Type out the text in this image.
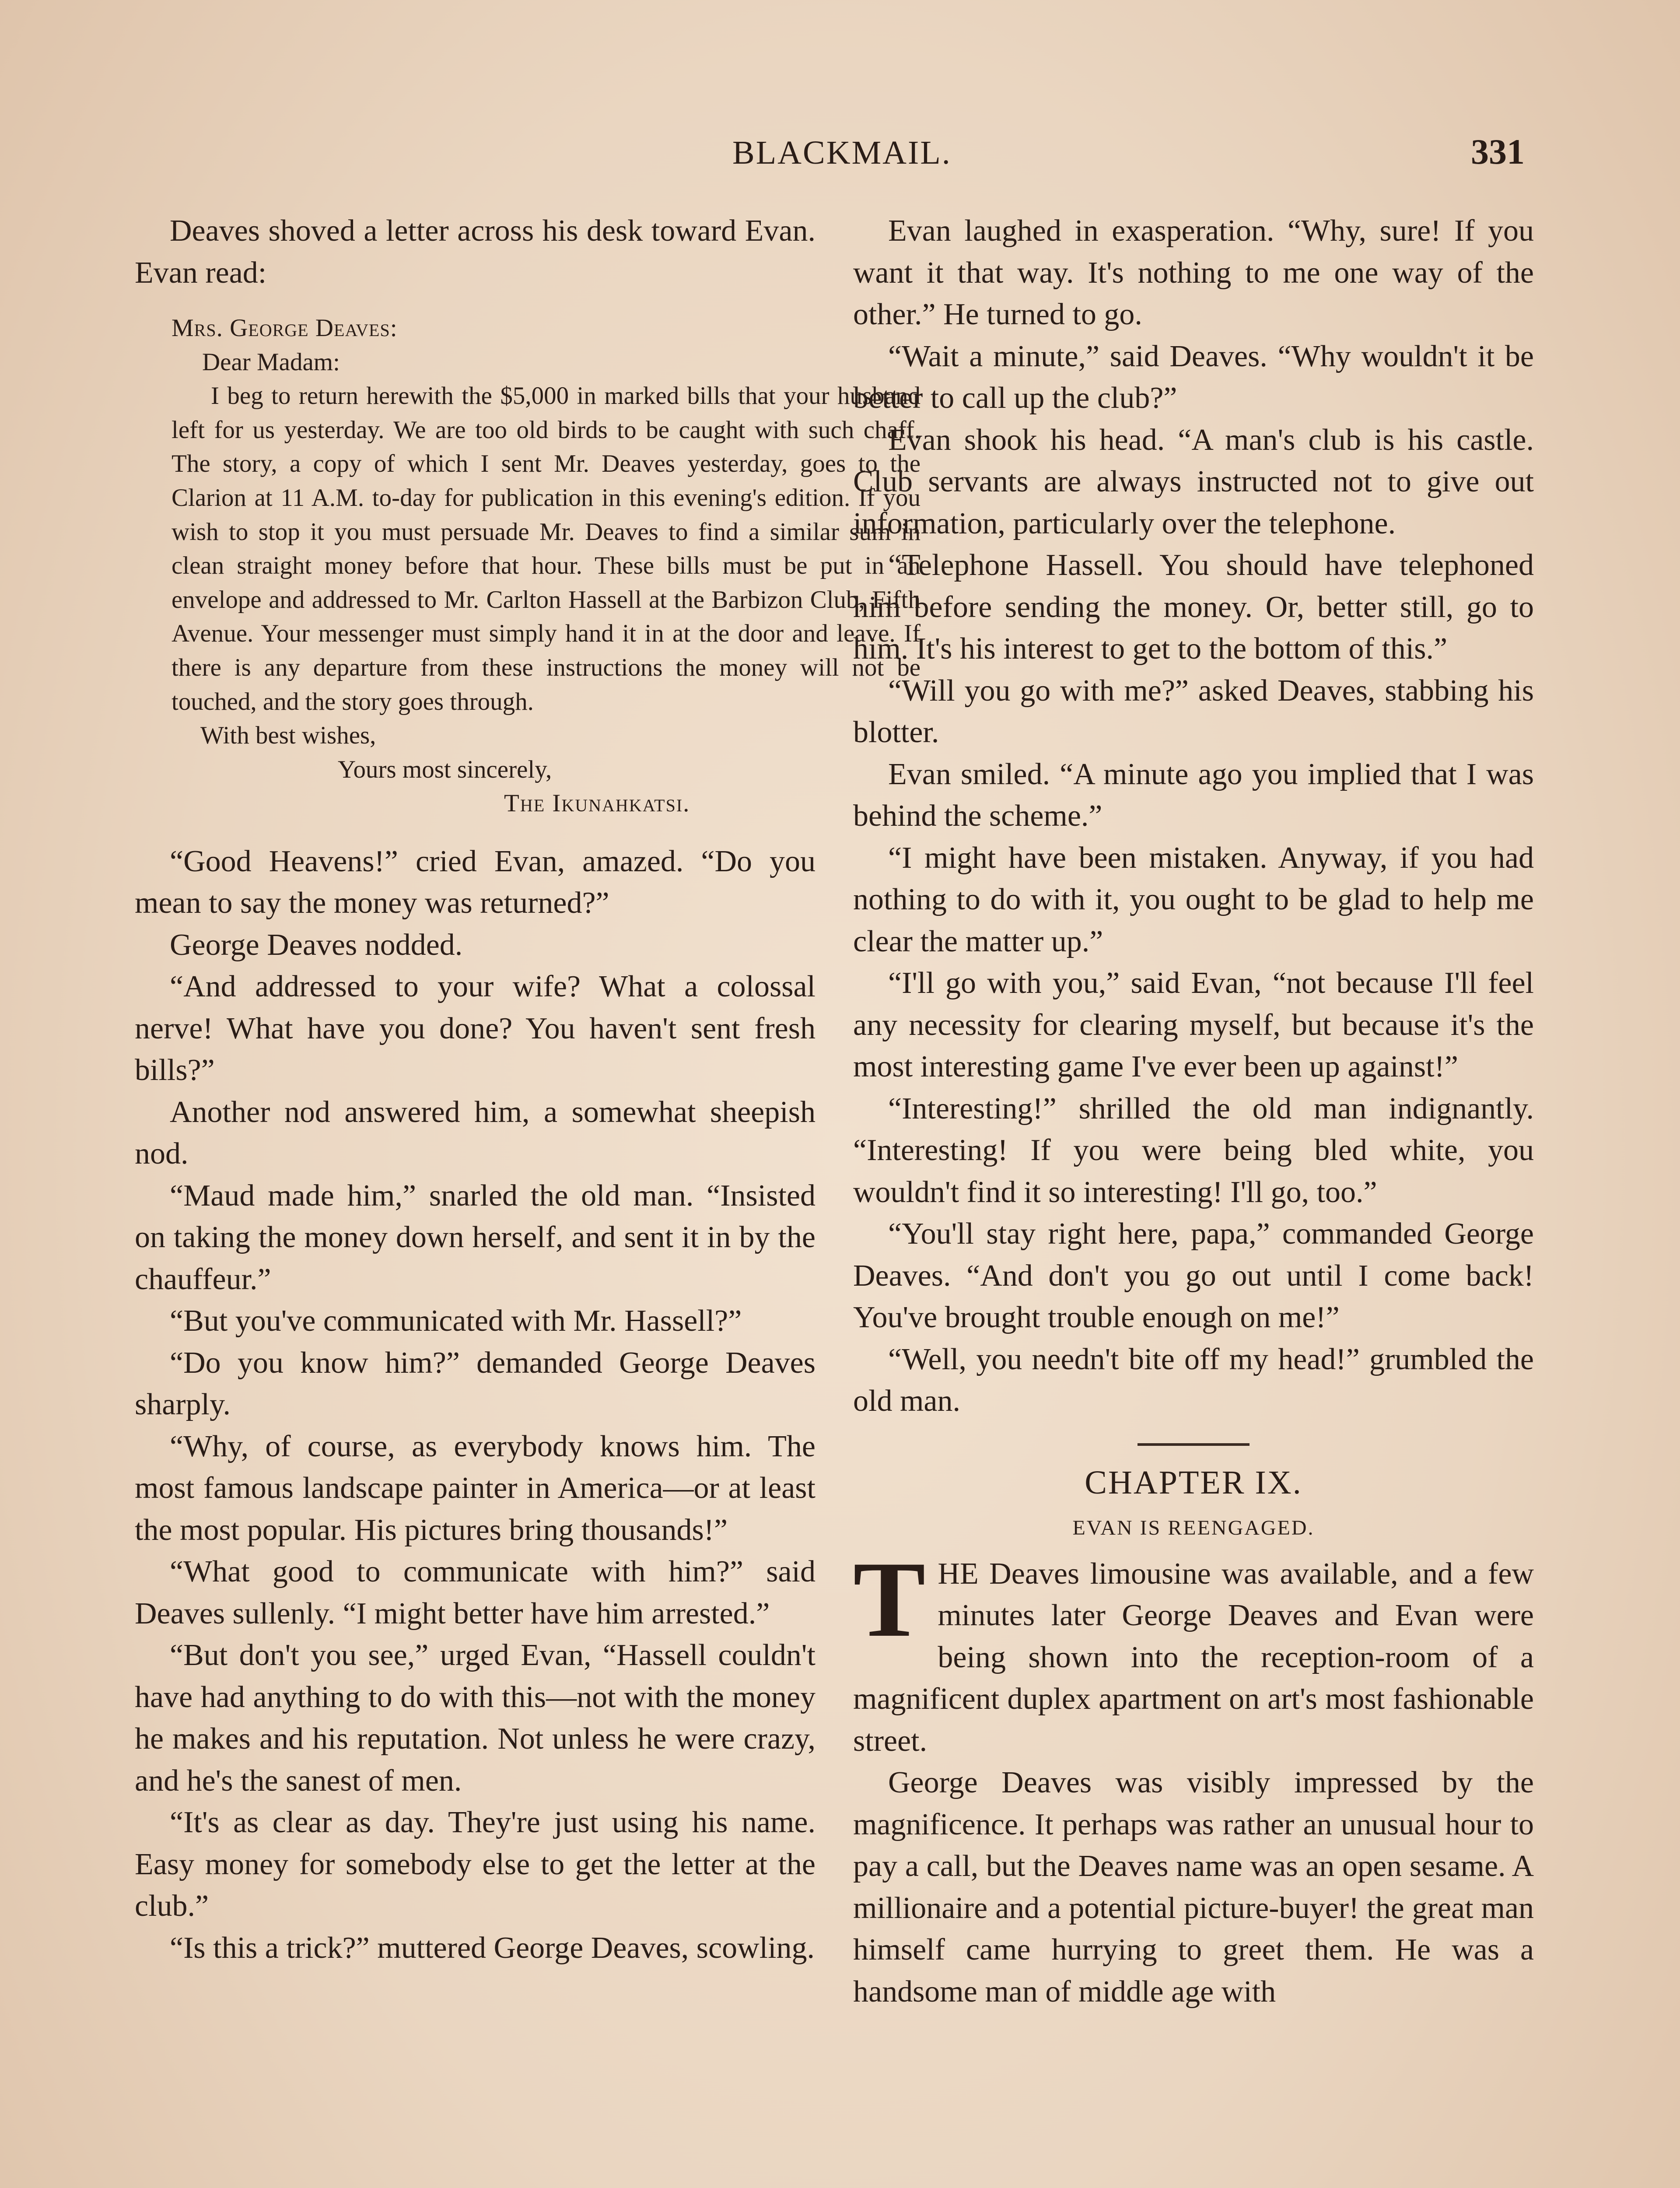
BLACKMAIL.	331

Deaves shoved a letter across his desk toward Evan. Evan read:

Mrs. George Deaves:
Dear Madam:
I beg to return herewith the $5,000 in marked bills that your husband left for us yesterday. We are too old birds to be caught with such chaff. The story, a copy of which I sent Mr. Deaves yesterday, goes to the Clarion at 11 A.M. to-day for publication in this evening's edition. If you wish to stop it you must persuade Mr. Deaves to find a similar sum in clean straight money before that hour. These bills must be put in an envelope and addressed to Mr. Carlton Hassell at the Barbizon Club, Fifth Avenue. Your messenger must simply hand it in at the door and leave. If there is any departure from these instructions the money will not be touched, and the story goes through.
With best wishes,
Yours most sincerely,
The Ikunahkatsi.

“Good Heavens!” cried Evan, amazed. “Do you mean to say the money was returned?”

George Deaves nodded.

“And addressed to your wife? What a colossal nerve! What have you done? You haven't sent fresh bills?”

Another nod answered him, a somewhat sheepish nod.

“Maud made him,” snarled the old man. “Insisted on taking the money down herself, and sent it in by the chauffeur.”

“But you've communicated with Mr. Hassell?”

“Do you know him?” demanded George Deaves sharply.

“Why, of course, as everybody knows him. The most famous landscape painter in America—or at least the most popular. His pictures bring thousands!”

“What good to communicate with him?” said Deaves sullenly. “I might better have him arrested.”

“But don't you see,” urged Evan, “Hassell couldn't have had anything to do with this—not with the money he makes and his reputation. Not unless he were crazy, and he's the sanest of men.

“It's as clear as day. They're just using his name. Easy money for somebody else to get the letter at the club.”

“Is this a trick?” muttered George Deaves, scowling.

Evan laughed in exasperation. “Why, sure! If you want it that way. It's nothing to me one way of the other.” He turned to go.

“Wait a minute,” said Deaves. “Why wouldn't it be better to call up the club?”

Evan shook his head. “A man's club is his castle. Club servants are always instructed not to give out information, particularly over the telephone.

“Telephone Hassell. You should have telephoned him before sending the money. Or, better still, go to him. It's his interest to get to the bottom of this.”

“Will you go with me?” asked Deaves, stabbing his blotter.

Evan smiled. “A minute ago you implied that I was behind the scheme.”

“I might have been mistaken. Anyway, if you had nothing to do with it, you ought to be glad to help me clear the matter up.”

“I'll go with you,” said Evan, “not because I'll feel any necessity for clearing myself, but because it's the most interesting game I've ever been up against!”

“Interesting!” shrilled the old man indignantly. “Interesting! If you were being bled white, you wouldn't find it so interesting! I'll go, too.”

“You'll stay right here, papa,” commanded George Deaves. “And don't you go out until I come back! You've brought trouble enough on me!”

“Well, you needn't bite off my head!” grumbled the old man.

CHAPTER IX.
EVAN IS REENGAGED.

THE Deaves limousine was available, and a few minutes later George Deaves and Evan were being shown into the reception-room of a magnificent duplex apartment on art's most fashionable street.

George Deaves was visibly impressed by the magnificence. It perhaps was rather an unusual hour to pay a call, but the Deaves name was an open sesame. A millionaire and a potential picture-buyer! the great man himself came hurrying to greet them. He was a handsome man of middle age with
